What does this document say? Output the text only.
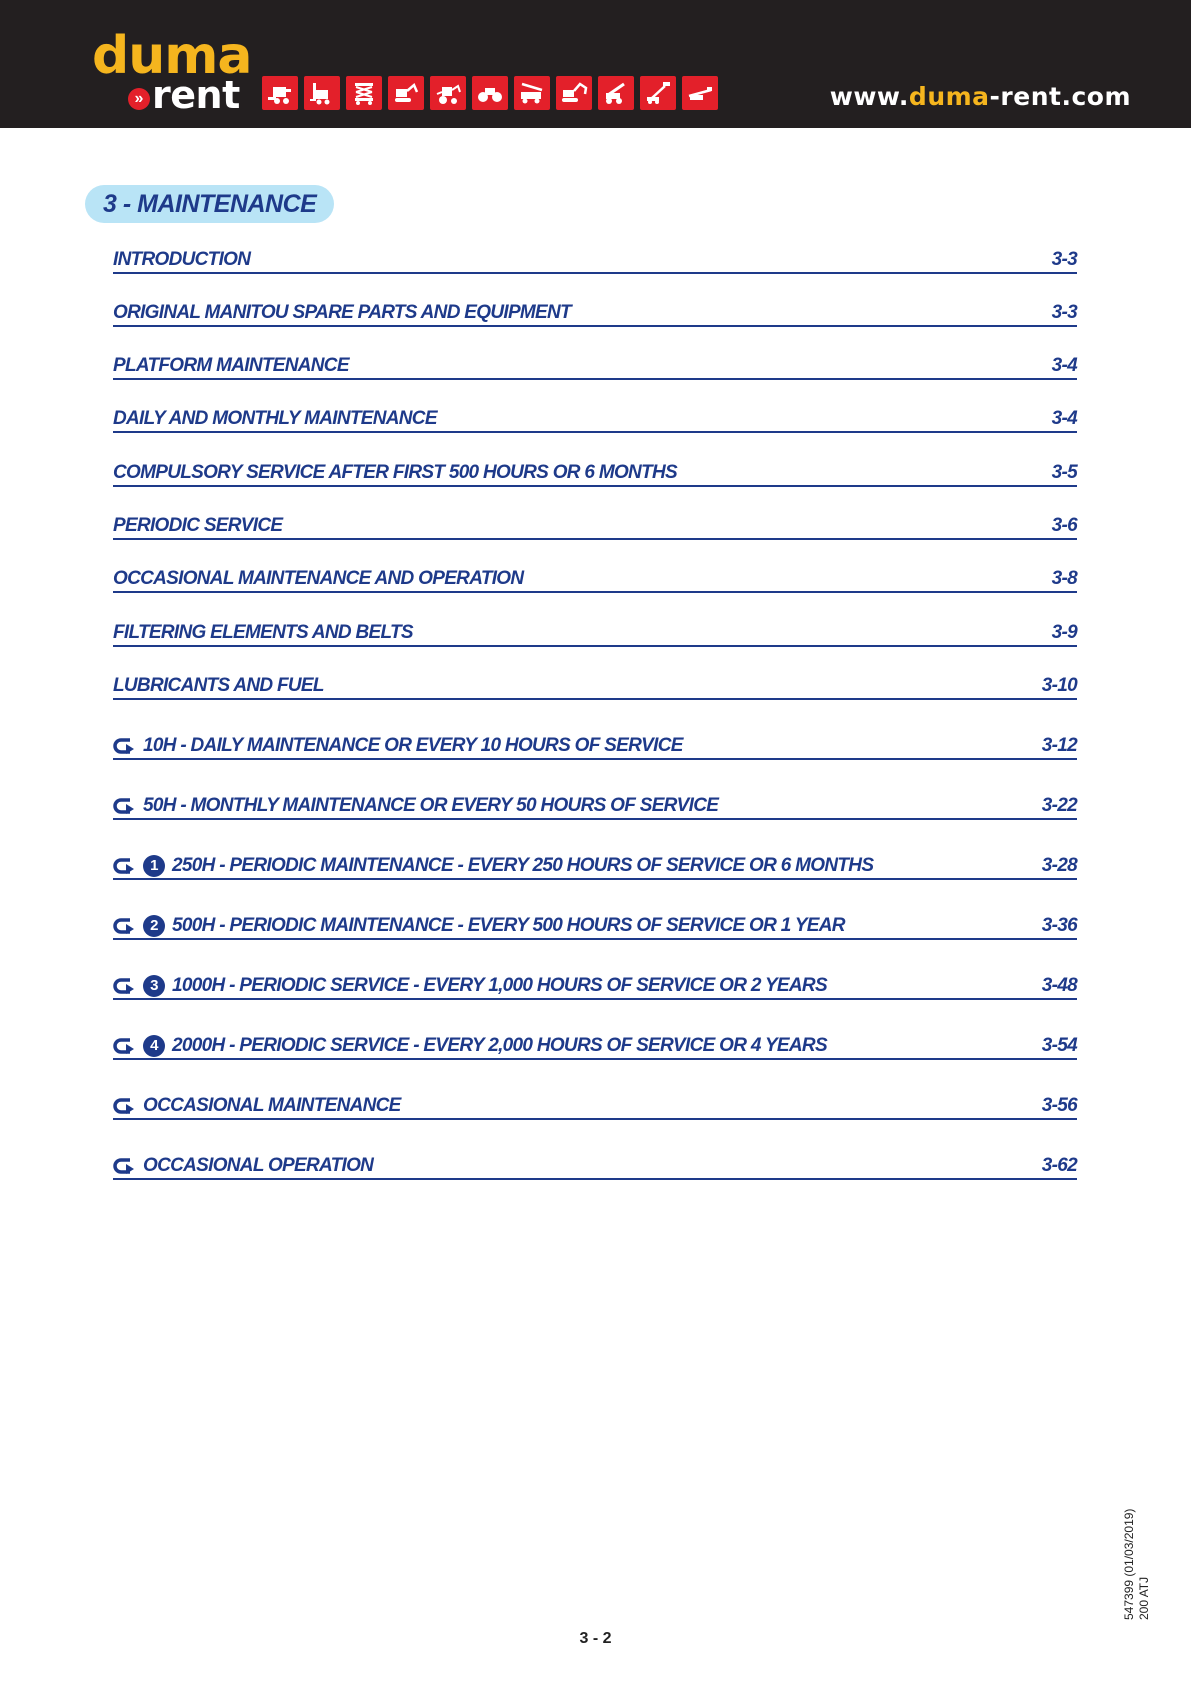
duma
» rent	www.duma-rent.com
3 - MAINTENANCE
INTRODUCTION	3-3
ORIGINAL MANITOU SPARE PARTS AND EQUIPMENT	3-3
PLATFORM MAINTENANCE	3-4
DAILY AND MONTHLY MAINTENANCE	3-4
COMPULSORY SERVICE AFTER FIRST 500 HOURS OR 6 MONTHS	3-5
PERIODIC SERVICE	3-6
OCCASIONAL MAINTENANCE AND OPERATION	3-8
FILTERING ELEMENTS AND BELTS	3-9
LUBRICANTS AND FUEL	3-10
10H - DAILY MAINTENANCE OR EVERY 10 HOURS OF SERVICE	3-12
50H - MONTHLY MAINTENANCE OR EVERY 50 HOURS OF SERVICE	3-22
1 250H - PERIODIC MAINTENANCE - EVERY 250 HOURS OF SERVICE OR 6 MONTHS	3-28
2 500H - PERIODIC MAINTENANCE - EVERY 500 HOURS OF SERVICE OR 1 YEAR	3-36
3 1000H - PERIODIC SERVICE - EVERY 1,000 HOURS OF SERVICE OR 2 YEARS	3-48
4 2000H - PERIODIC SERVICE - EVERY 2,000 HOURS OF SERVICE OR 4 YEARS	3-54
OCCASIONAL MAINTENANCE	3-56
OCCASIONAL OPERATION	3-62
547399 (01/03/2019) 200 ATJ
3 - 2
